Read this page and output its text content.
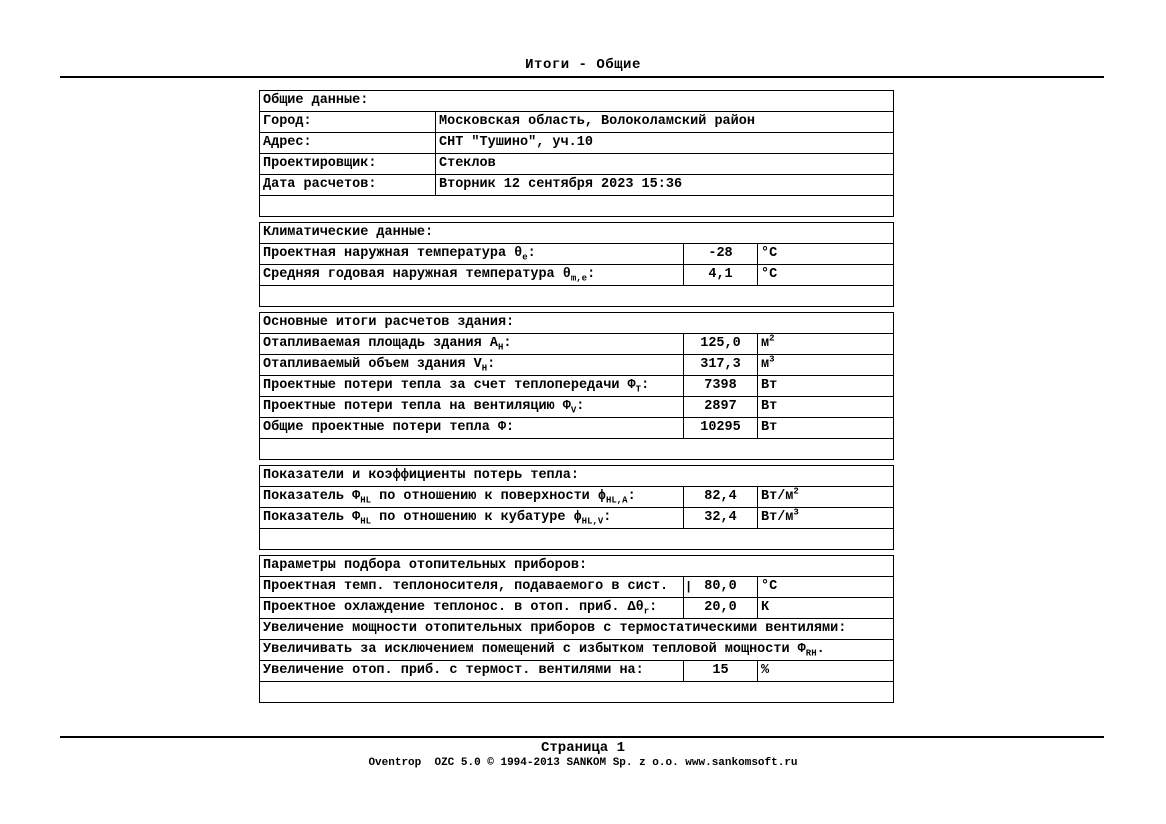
Итоги - Общие
Общие данные:	
Город:	Московская область, Волоколамский район
Адрес:	СНТ "Тушино", уч.10
Проектировщик:	Стеклов
Дата расчетов:	Вторник 12 сентября 2023 15:36

Климатические данные:		
Проектная наружная температура $\theta_e$:	-28	°C
Средняя годовая наружная температура $\theta_{m,e}$:	4,1	°C

Основные итоги расчетов здания:		
Отапливаемая площадь здания $A_H$:	125,0	$м^2$
Отапливаемый объем здания $V_H$:	317,3	$м^3$
Проектные потери тепла за счет теплопередачи $\Phi_T$:	7398	Вт
Проектные потери тепла на вентиляцию $\Phi_V$:	2897	Вт
Общие проектные потери тепла Φ:	10295	Вт

Показатели и коэффициенты потерь тепла:		
Показатель $\Phi_{HL}$ по отношению к поверхности $\phi_{HL,A}$:	82,4	$Вт/м^2$
Показатель $\Phi_{HL}$ по отношению к кубатуре $\phi_{HL,V}$:	32,4	$Вт/м^3$

Параметры подбора отопительных приборов:		
Проектная темп. теплоносителя, подаваемого в сист.	| 80,0	°C
Проектное охлаждение теплонос. в отоп. приб. $\Delta\theta_r$:	20,0	К
Увеличение мощности отопительных приборов с термостатическими вентилями:		
Увеличивать за исключением помещений с избытком тепловой мощности $\Phi_{RH}$.		
Увеличение отоп. приб. с термост. вентилями на:	15	%

Страница 1
Oventrop  OZC 5.0 © 1994-2013 SANKOM Sp. z o.o. www.sankomsoft.ru
